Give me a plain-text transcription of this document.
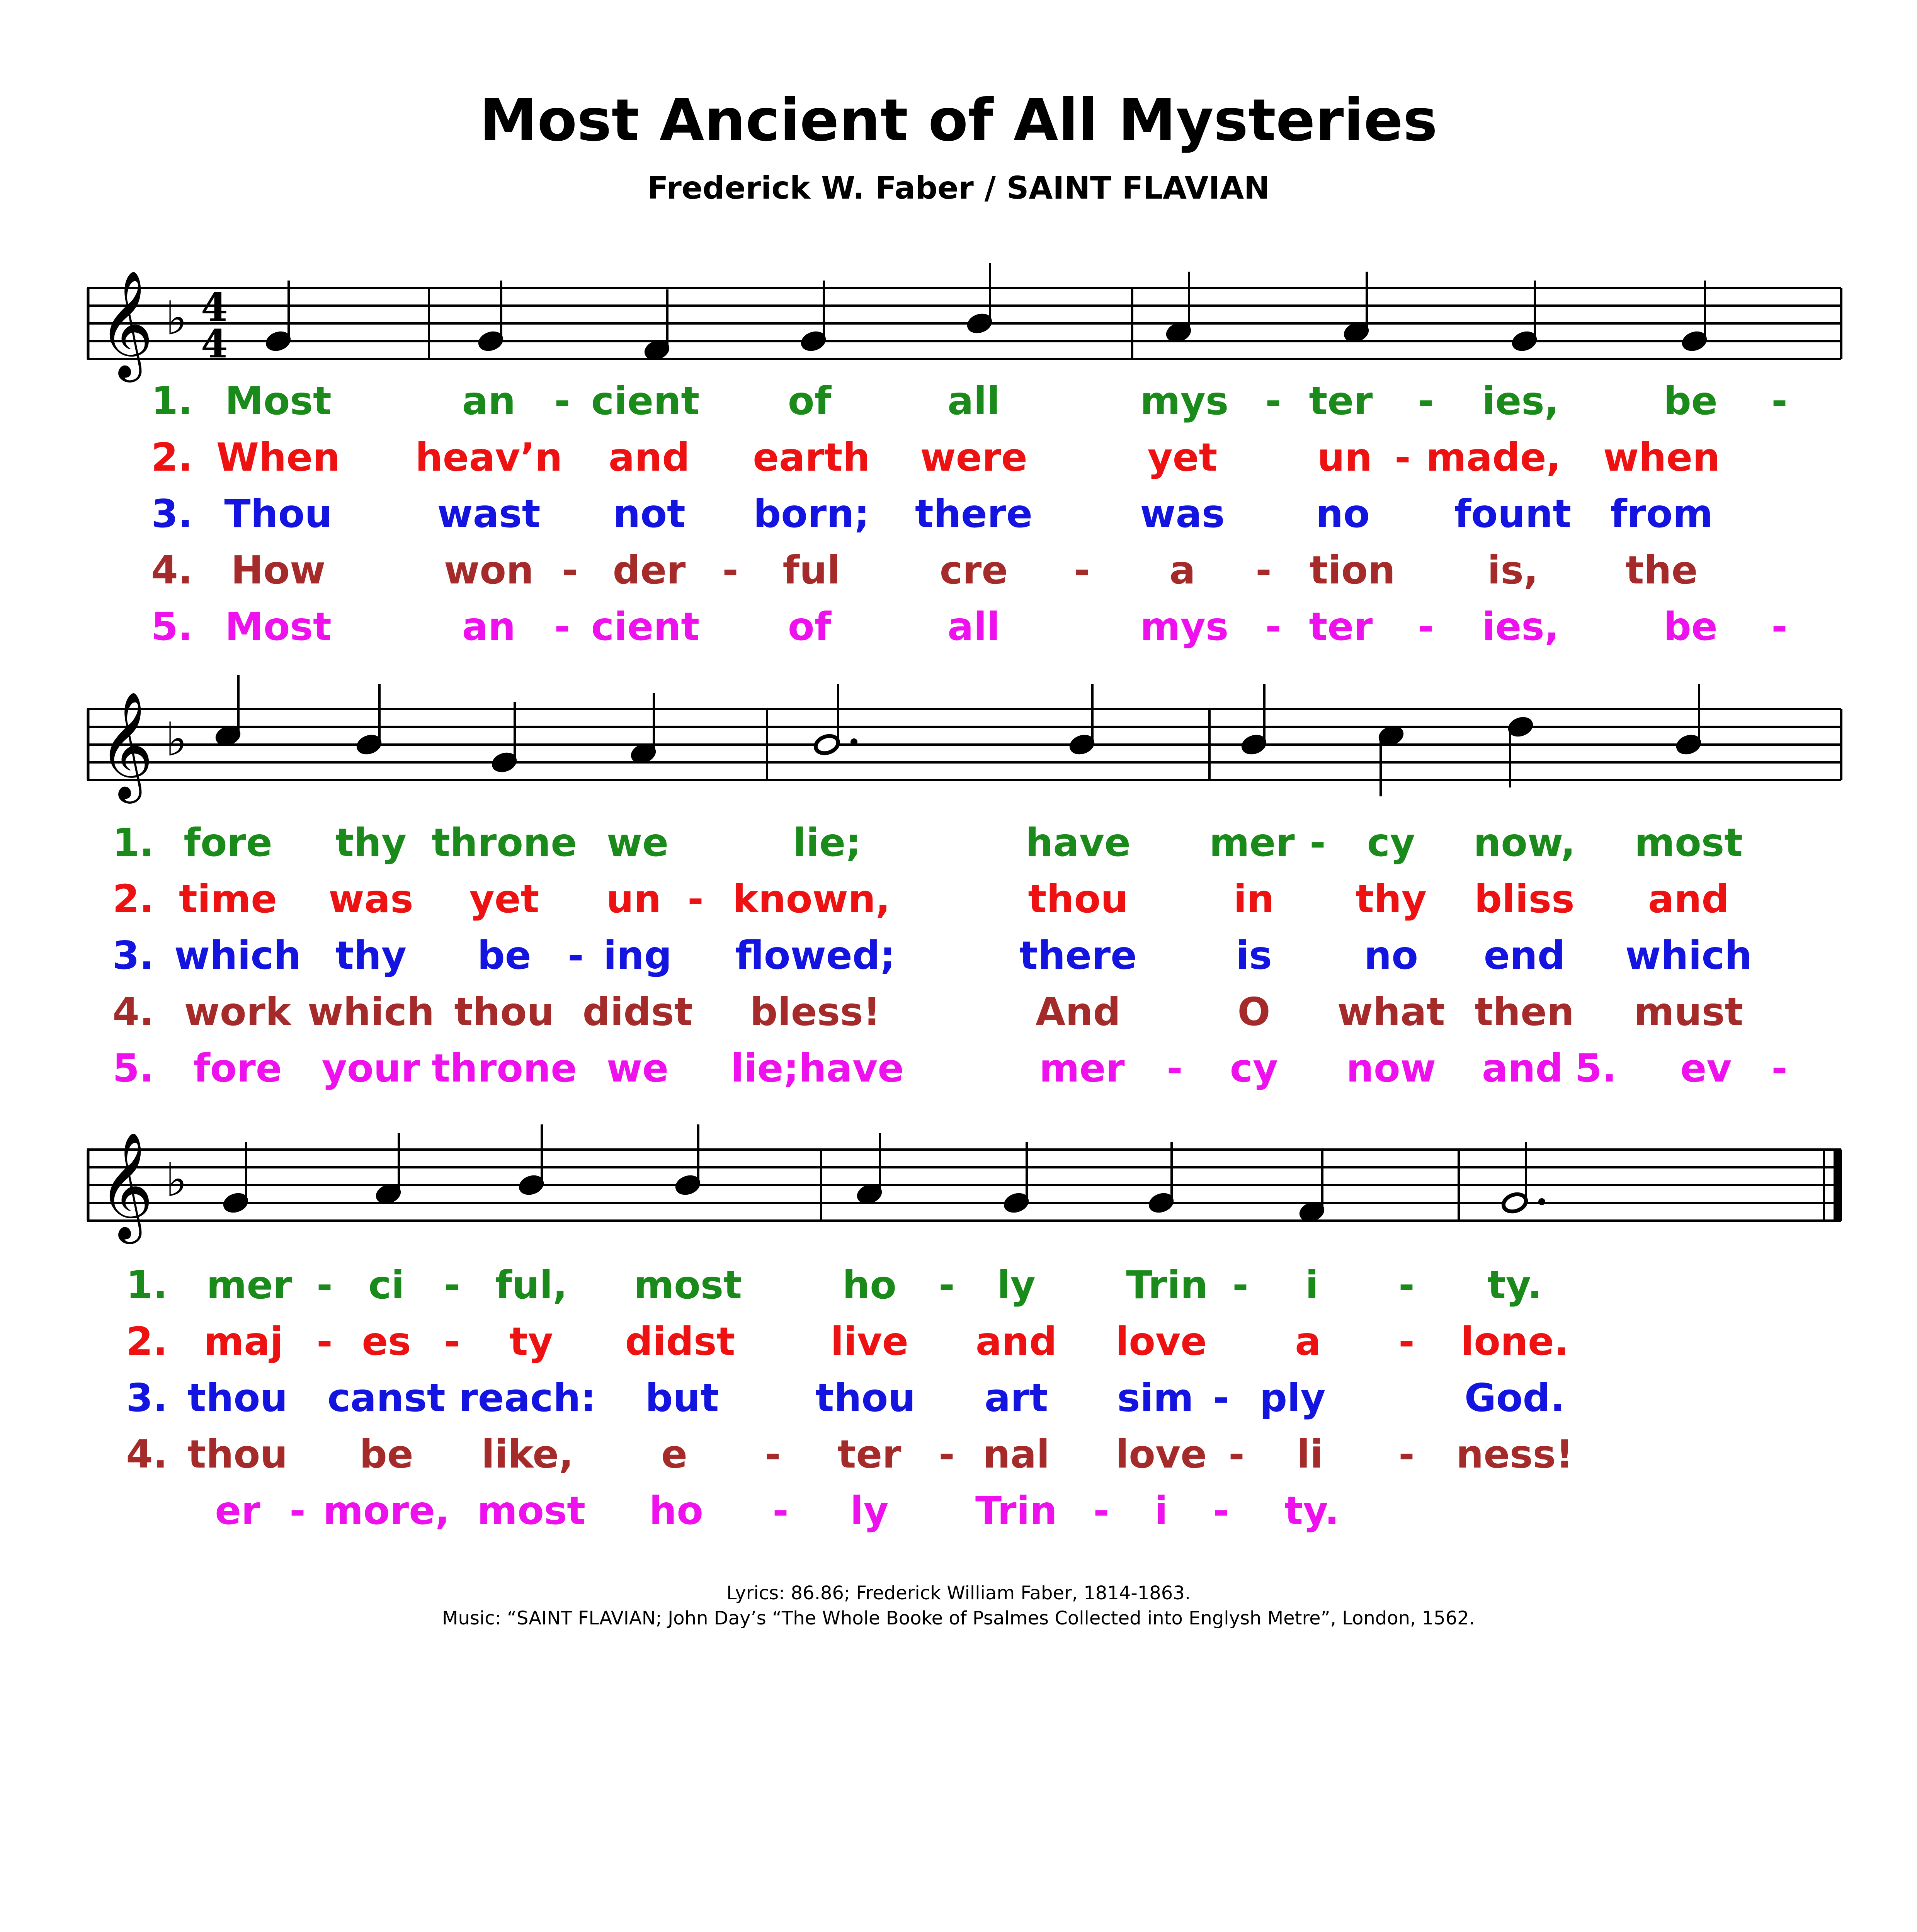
Most Ancient of All Mysteries
Frederick W. Faber / SAINT FLAVIAN
𝄞 ♭ 4
4
1. Most	an - cient of	all	mys - ter - ies,	be -
2. When heav’n and earth were	yet	un - made, when
3. Thou	wast not born; there	was no fount from
4. How	won - der - ful	cre - a - tion is, the
5. Most	an - cient of	all	mys - ter - ies,	be -
𝄞 ♭
1. fore thy throne we	lie;	have mer - cy now, most
2. time was yet un - known,	thou	in thy bliss and
3. which thy be - ing flowed;	there	is no end which
4. work which thou didst bless!	And	O what then must
5. fore your throne we lie;have	mer - cy now and 5. ev -
𝄞 ♭
1. mer - ci - ful, most	ho - ly Trin - i - ty.
2. maj - es - ty didst live and love a - lone.
3. thou canst reach: but	thou art sim - ply	God.
4. thou be like, e - ter - nal love - li - ness!
er - more, most ho - ly Trin - i - ty.
Lyrics: 86.86; Frederick William Faber, 1814-1863.
Music: “SAINT FLAVIAN; John Day’s “The Whole Booke of Psalmes Collected into Englysh Metre”, London, 1562.
